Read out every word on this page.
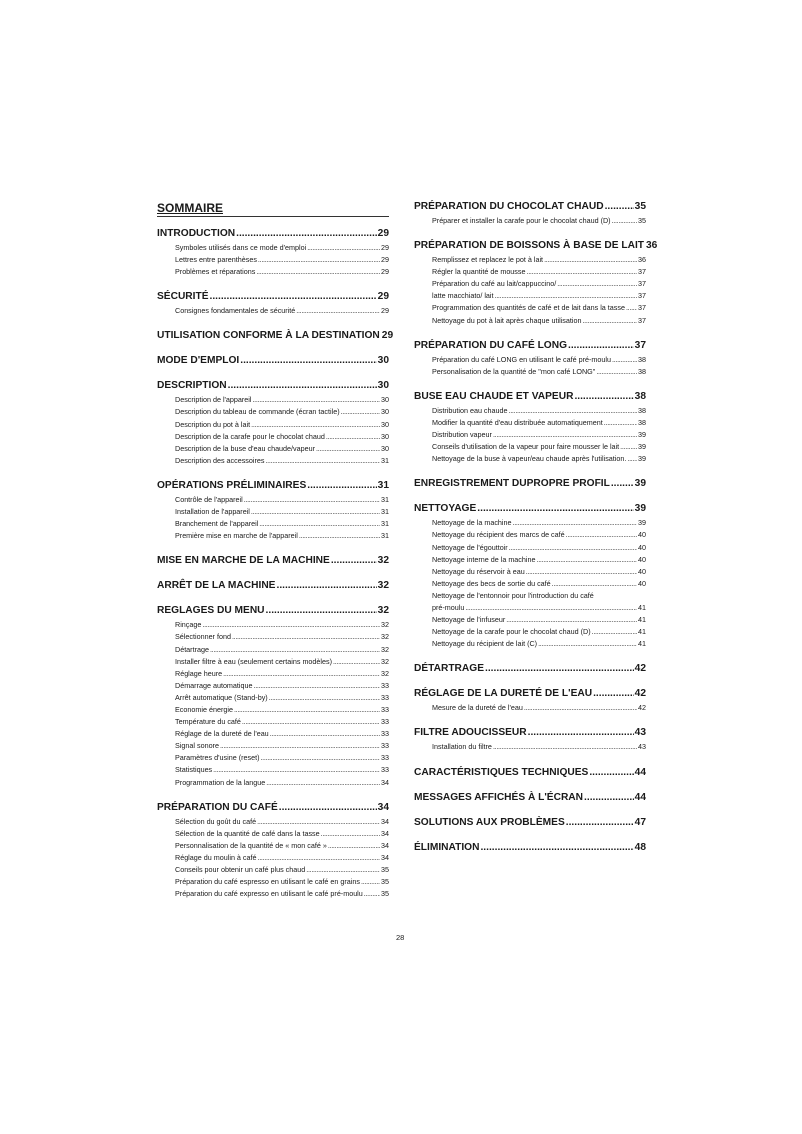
SOMMAIRE
INTRODUCTION .....	29
Symboles utilisés dans ce mode d'emploi .....	29
Lettres entre parenthèses .....	29
Problèmes et réparations .....	29
SÉCURITÉ .....	29
Consignes fondamentales de sécurité .....	29
UTILISATION CONFORME À LA DESTINATION 29
MODE D'EMPLOI .....	30
DESCRIPTION .....	30
Description de l'appareil .....	30
Description du tableau de commande (écran tactile) .....	30
Description du pot à lait .....	30
Description de la carafe pour le chocolat chaud .....	30
Description de la buse d'eau chaude/vapeur .....	30
Description des accessoires .....	31
OPÉRATIONS PRÉLIMINAIRES .....	31
Contrôle de l'appareil .....	31
Installation de l'appareil .....	31
Branchement de l'appareil .....	31
Première mise en marche de l'appareil .....	31
MISE EN MARCHE DE LA MACHINE .....	32
ARRÊT DE LA MACHINE .....	32
REGLAGES DU MENU .....	32
Rinçage .....	32
Sélectionner fond .....	32
Détartrage .....	32
Installer filtre à eau (seulement certains modèles) .....	32
Réglage heure .....	32
Démarrage automatique .....	33
Arrêt automatique (Stand-by) .....	33
Economie énergie .....	33
Température du café .....	33
Réglage de la dureté de l'eau .....	33
Signal sonore .....	33
Paramètres d'usine (reset) .....	33
Statistiques .....	33
Programmation de la langue .....	34
PRÉPARATION DU CAFÉ .....	34
Sélection du goût du café .....	34
Sélection de la quantité de café dans la tasse .....	34
Personnalisation de la quantité de « mon café » .....	34
Réglage du moulin à café .....	34
Conseils pour obtenir un café plus chaud .....	35
Préparation du café espresso en utilisant le café en grains .....	35
Préparation du café expresso en utilisant le café pré-moulu .....	35
PRÉPARATION DU CHOCOLAT CHAUD .....	35
Préparer et installer la carafe pour le chocolat chaud (D) .....	35
PRÉPARATION DE BOISSONS À BASE DE LAIT 36
Remplissez et replacez le pot à lait .....	36
Régler la quantité de mousse .....	37
Préparation du café au lait/cappuccino/ .....	37
latte macchiato/ lait .....	37
Programmation des quantités de café et de lait dans la tasse ..... 37
Nettoyage du pot à lait après chaque utilisation .....	37
PRÉPARATION DU CAFÉ LONG .....	37
Préparation du café LONG en utilisant le café pré-moulu .....	38
Personalisation de la quantité de "mon café LONG" .....	38
BUSE EAU CHAUDE ET VAPEUR .....	38
Distribution eau chaude .....	38
Modifier la quantité d'eau distribuée automatiquement .....	38
Distribution vapeur .....	39
Conseils d'utilisation de la vapeur pour faire mousser le lait .....	39
Nettoyage de la buse à vapeur/eau chaude après l'utilisation. ..... 39
ENREGISTREMENT DUPROPRE PROFIL ..... 39
NETTOYAGE .....	39
Nettoyage de la machine .....	39
Nettoyage du récipient des marcs de café .....	40
Nettoyage de l'égouttoir .....	40
Nettoyage interne de la machine .....	40
Nettoyage du réservoir à eau .....	40
Nettoyage des becs de sortie du café .....	40
Nettoyage de l'entonnoir pour l'introduction du café
pré-moulu .....	41
Nettoyage de l'infuseur .....	41
Nettoyage de la carafe pour le chocolat chaud (D) .....	41
Nettoyage du récipient de lait (C) .....	41
DÉTARTRAGE .....	42
RÉGLAGE DE LA DURETÉ DE L'EAU .....	42
Mesure de la dureté de l'eau .....	42
FILTRE ADOUCISSEUR .....	43
Installation du filtre .....	43
CARACTÉRISTIQUES TECHNIQUES .....	44
MESSAGES AFFICHÉS À L'ÉCRAN .....	44
SOLUTIONS AUX PROBLÈMES .....	47
ÉLIMINATION .....	48
28
